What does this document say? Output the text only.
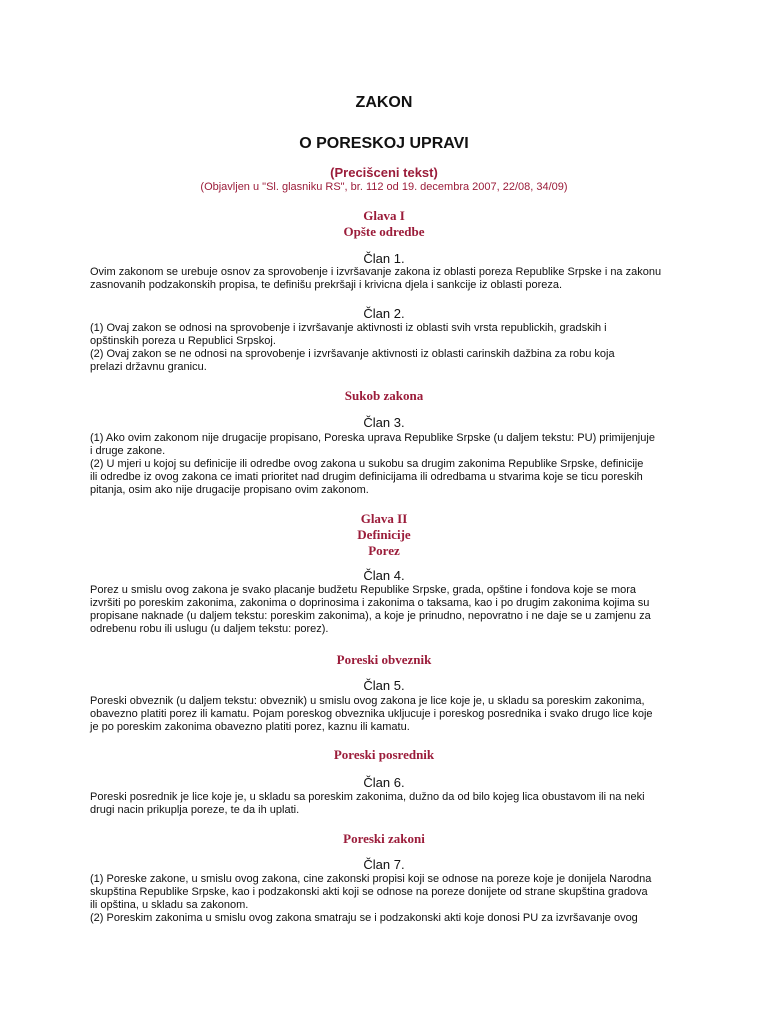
ZAKON
O PORESKOJ UPRAVI
(Precišceni tekst)
(Objavljen u "Sl. glasniku RS", br. 112 od 19. decembra 2007, 22/08, 34/09)
Glava I
Opšte odredbe
Član 1.
Ovim zakonom se urebuje osnov za sprovobenje i izvršavanje zakona iz oblasti poreza Republike Srpske i na zakonu
zasnovanih podzakonskih propisa, te definišu prekršaji i krivicna djela i sankcije iz oblasti poreza.
Član 2.
(1) Ovaj zakon se odnosi na sprovobenje i izvršavanje aktivnosti iz oblasti svih vrsta republickih, gradskih i
opštinskih poreza u Republici Srpskoj.
(2) Ovaj zakon se ne odnosi na sprovobenje i izvršavanje aktivnosti iz oblasti carinskih dažbina za robu koja
prelazi državnu granicu.
Sukob zakona
Član 3.
(1) Ako ovim zakonom nije drugacije propisano, Poreska uprava Republike Srpske (u daljem tekstu: PU) primijenjuje
i druge zakone.
(2) U mjeri u kojoj su definicije ili odredbe ovog zakona u sukobu sa drugim zakonima Republike Srpske, definicije
ili odredbe iz ovog zakona ce imati prioritet nad drugim definicijama ili odredbama u stvarima koje se ticu poreskih
pitanja, osim ako nije drugacije propisano ovim zakonom.
Glava II
Definicije
Porez
Član 4.
Porez u smislu ovog zakona je svako placanje budžetu Republike Srpske, grada, opštine i fondova koje se mora
izvršiti po poreskim zakonima, zakonima o doprinosima i zakonima o taksama, kao i po drugim zakonima kojima su
propisane naknade (u daljem tekstu: poreskim zakonima), a koje je prinudno, nepovratno i ne daje se u zamjenu za
odrebenu robu ili uslugu (u daljem tekstu: porez).
Poreski obveznik
Član 5.
Poreski obveznik (u daljem tekstu: obveznik) u smislu ovog zakona je lice koje je, u skladu sa poreskim zakonima,
obavezno platiti porez ili kamatu. Pojam poreskog obveznika ukljucuje i poreskog posrednika i svako drugo lice koje
je po poreskim zakonima obavezno platiti porez, kaznu ili kamatu.
Poreski posrednik
Član 6.
Poreski posrednik je lice koje je, u skladu sa poreskim zakonima, dužno da od bilo kojeg lica obustavom ili na neki
drugi nacin prikuplja poreze, te da ih uplati.
Poreski zakoni
Član 7.
(1) Poreske zakone, u smislu ovog zakona, cine zakonski propisi koji se odnose na poreze koje je donijela Narodna
skupština Republike Srpske, kao i podzakonski akti koji se odnose na poreze donijete od strane skupština gradova
ili opština, u skladu sa zakonom.
(2) Poreskim zakonima u smislu ovog zakona smatraju se i podzakonski akti koje donosi PU za izvršavanje ovog
